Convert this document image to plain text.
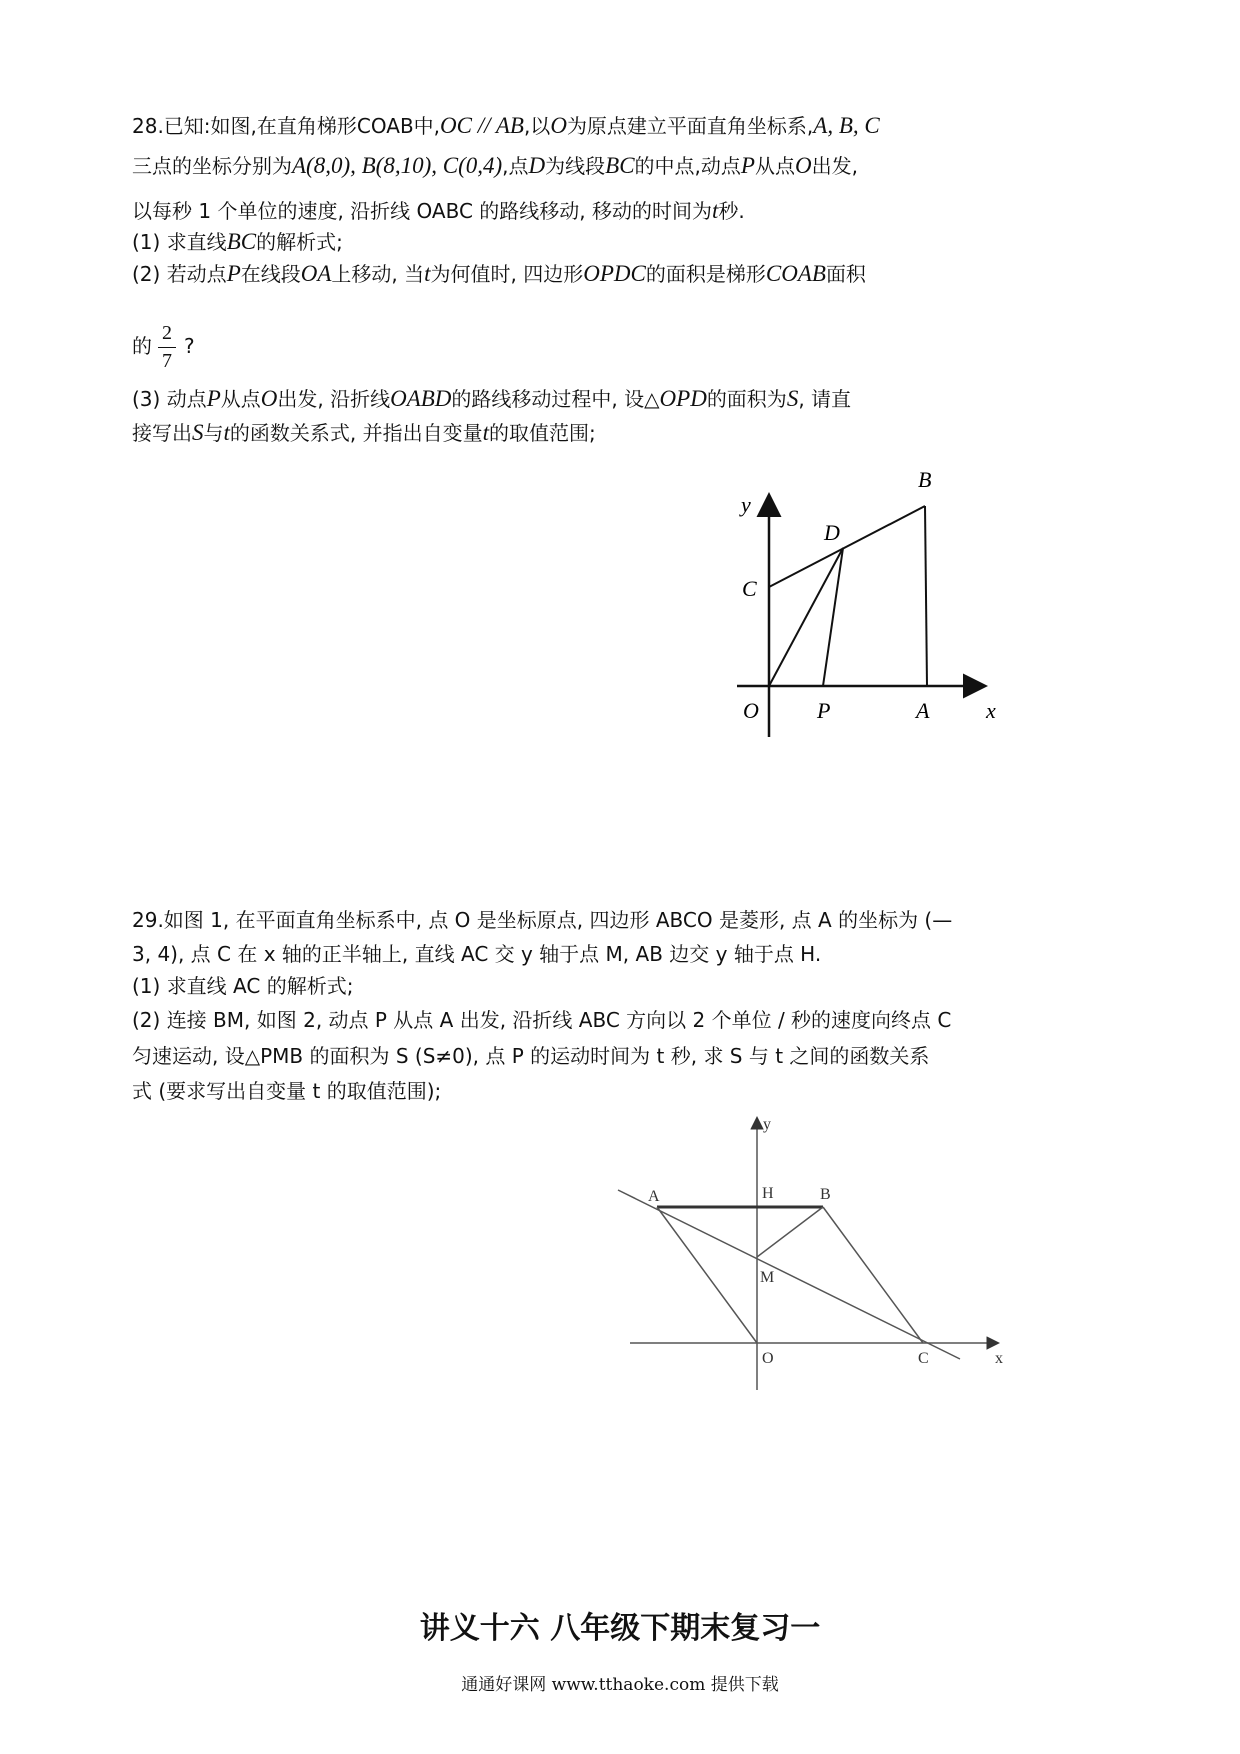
28.已知:如图,在直角梯形COAB中,OC // AB,以O为原点建立平面直角坐标系,A, B, C
三点的坐标分别为A(8,0), B(8,10), C(0,4),点D为线段BC的中点,动点P从点O出发,
以每秒 1 个单位的速度, 沿折线 OABC 的路线移动, 移动的时间为t秒.
(1) 求直线BC的解析式;
(2) 若动点P在线段OA上移动, 当t为何值时, 四边形OPDC的面积是梯形COAB面积
的 ?
2
7
(3) 动点P从点O出发, 沿折线OABD的路线移动过程中, 设△OPD的面积为S, 请直
接写出S与t的函数关系式, 并指出自变量t的取值范围;
B
y
D
C
O	P	A	x
29.如图 1, 在平面直角坐标系中, 点 O 是坐标原点, 四边形 ABCO 是菱形, 点 A 的坐标为 (—
3, 4), 点 C 在 x 轴的正半轴上, 直线 AC 交 y 轴于点 M, AB 边交 y 轴于点 H.
(1) 求直线 AC 的解析式;
(2) 连接 BM, 如图 2, 动点 P 从点 A 出发, 沿折线 ABC 方向以 2 个单位 / 秒的速度向终点 C
匀速运动, 设△PMB 的面积为 S (S≠0), 点 P 的运动时间为 t 秒, 求 S 与 t 之间的函数关系
式 (要求写出自变量 t 的取值范围);
y
A	H	B
M
O	C	x
讲义十六 八年级下期末复习一
通通好课网 www.tthaoke.com 提供下载
